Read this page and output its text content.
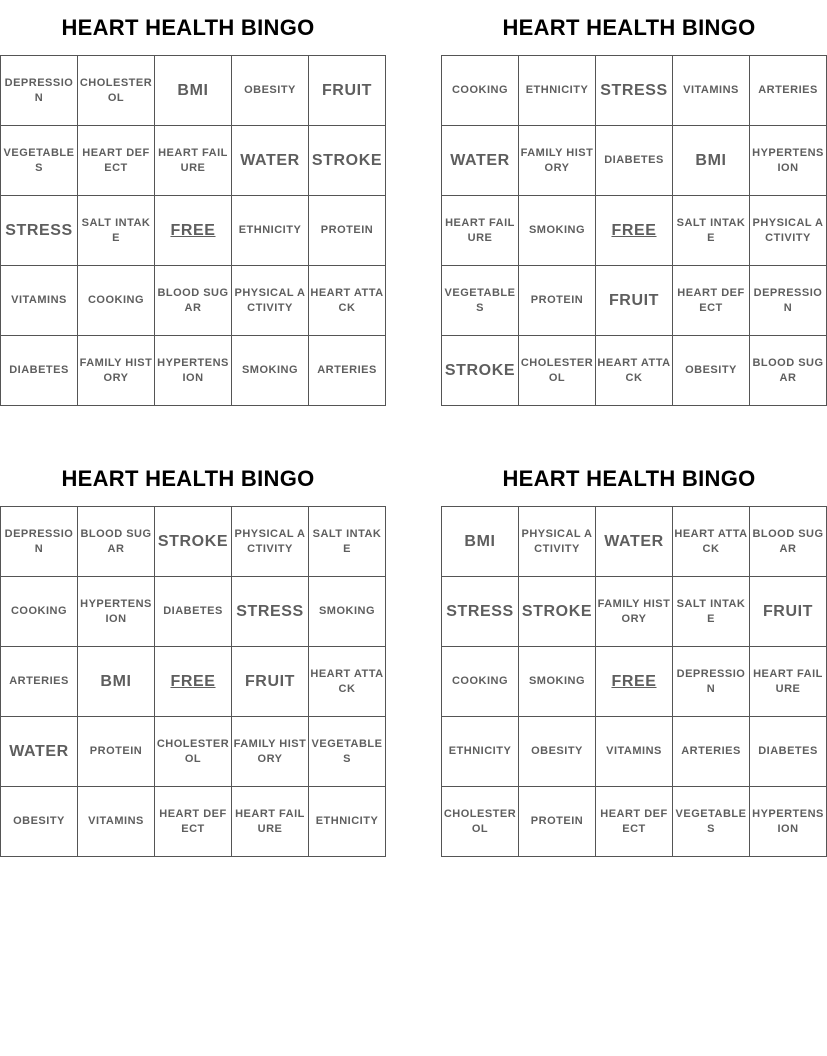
HEART HEALTH BINGO
DEPRESSION	CHOLESTEROL	BMI	OBESITY	FRUIT
VEGETABLES	HEART DEFECT	HEART FAILURE	WATER	STROKE
STRESS	SALT INTAKE	FREE	ETHNICITY	PROTEIN
VITAMINS	COOKING	BLOOD SUGAR	PHYSICAL ACTIVITY	HEART ATTACK
DIABETES	FAMILY HISTORY	HYPERTENSION	SMOKING	ARTERIES
HEART HEALTH BINGO
COOKING	ETHNICITY	STRESS	VITAMINS	ARTERIES
WATER	FAMILY HISTORY	DIABETES	BMI	HYPERTENSION
HEART FAILURE	SMOKING	FREE	SALT INTAKE	PHYSICAL ACTIVITY
VEGETABLES	PROTEIN	FRUIT	HEART DEFECT	DEPRESSION
STROKE	CHOLESTEROL	HEART ATTACK	OBESITY	BLOOD SUGAR
HEART HEALTH BINGO
DEPRESSION	BLOOD SUGAR	STROKE	PHYSICAL ACTIVITY	SALT INTAKE
COOKING	HYPERTENSION	DIABETES	STRESS	SMOKING
ARTERIES	BMI	FREE	FRUIT	HEART ATTACK
WATER	PROTEIN	CHOLESTEROL	FAMILY HISTORY	VEGETABLES
OBESITY	VITAMINS	HEART DEFECT	HEART FAILURE	ETHNICITY
HEART HEALTH BINGO
BMI	PHYSICAL ACTIVITY	WATER	HEART ATTACK	BLOOD SUGAR
STRESS	STROKE	FAMILY HISTORY	SALT INTAKE	FRUIT
COOKING	SMOKING	FREE	DEPRESSION	HEART FAILURE
ETHNICITY	OBESITY	VITAMINS	ARTERIES	DIABETES
CHOLESTEROL	PROTEIN	HEART DEFECT	VEGETABLES	HYPERTENSION
